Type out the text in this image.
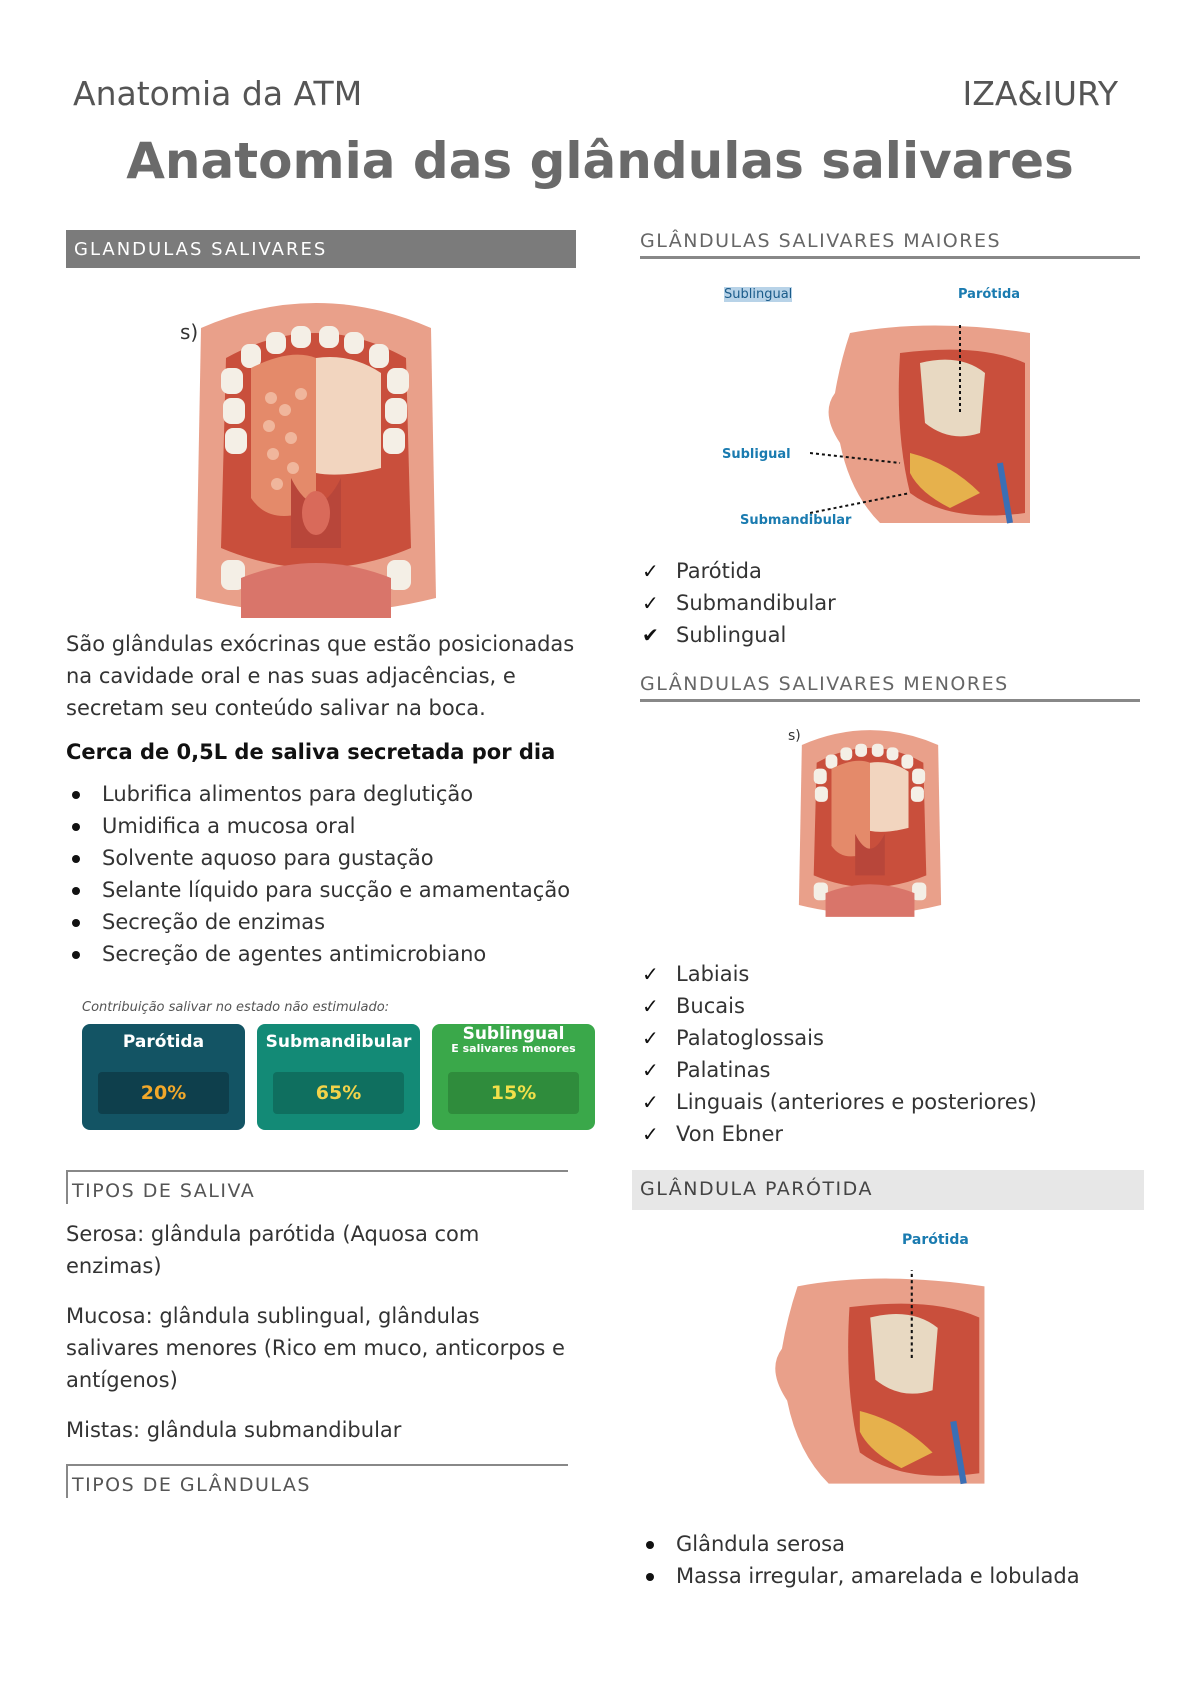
Anatomia da ATM	IZA&IURY
Anatomia das glândulas salivares
GLANDULAS SALIVARES
s)

São glândulas exócrinas que estão posicionadas na cavidade oral e nas suas adjacências, e secretam seu conteúdo salivar na boca.

Cerca de 0,5L de saliva secretada por dia

Lubrifica alimentos para deglutição
Umidifica a mucosa oral
Solvente aquoso para gustação
Selante líquido para sucção e amamentação
Secreção de enzimas
Secreção de agentes antimicrobiano
Contribuição salivar no estado não estimulado:
Parótida
20%
Submandibular
65%
Sublingual
E salivares menores
15%
TIPOS DE SALIVA

Serosa: glândula parótida (Aquosa com enzimas)

Mucosa: glândula sublingual, glândulas salivares menores (Rico em muco, anticorpos e antígenos)

Mistas: glândula submandibular

TIPOS DE GLÂNDULAS
GLÂNDULAS SALIVARES MAIORES
Sublingual	Parótida
Subligual
Submandibular
✓ Parótida
✓ Submandibular
✔ Sublingual
GLÂNDULAS SALIVARES MENORES
s)
✓ Labiais
✓ Bucais
✓ Palatoglossais
✓ Palatinas
✓ Linguais (anteriores e posteriores)
✓ Von Ebner
GLÂNDULA PARÓTIDA
Parótida
Glândula serosa
Massa irregular, amarelada e lobulada
